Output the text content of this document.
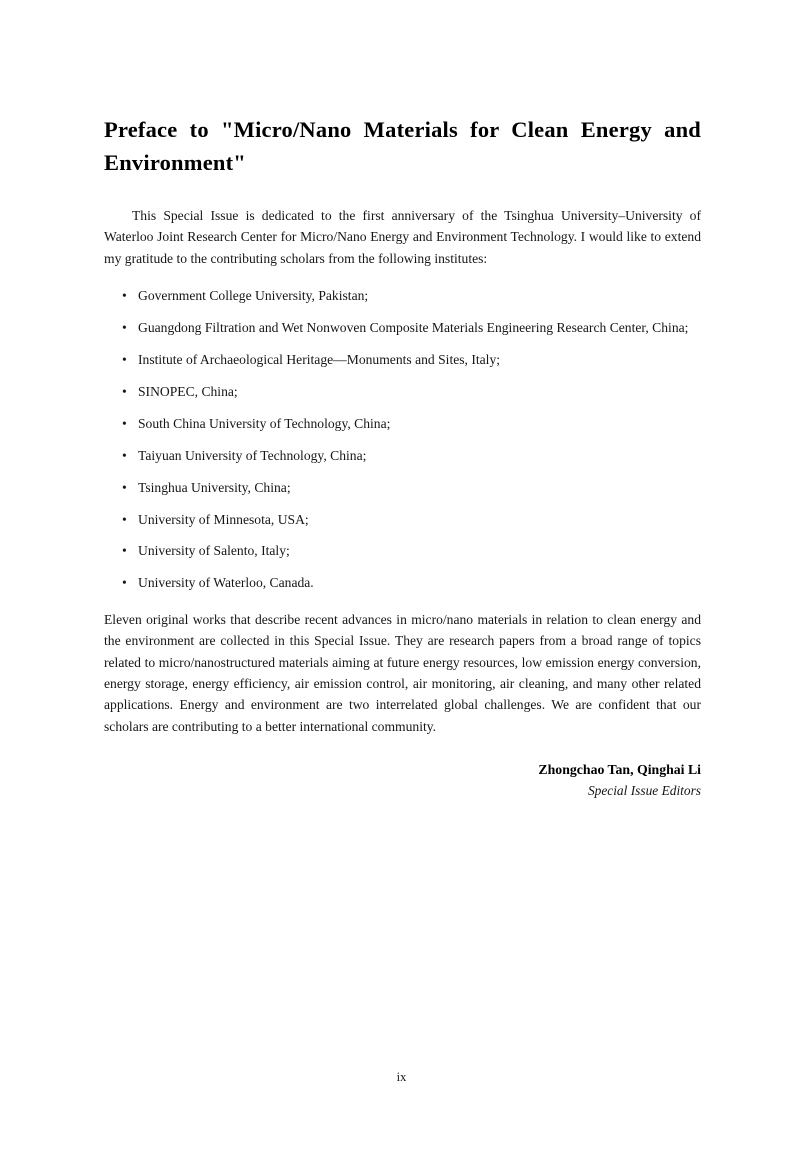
Preface to "Micro/Nano Materials for Clean Energy and Environment"

This Special Issue is dedicated to the first anniversary of the Tsinghua University–University of Waterloo Joint Research Center for Micro/Nano Energy and Environment Technology. I would like to extend my gratitude to the contributing scholars from the following institutes:

• Government College University, Pakistan;
• Guangdong Filtration and Wet Nonwoven Composite Materials Engineering Research Center, China;
• Institute of Archaeological Heritage—Monuments and Sites, Italy;
• SINOPEC, China;
• South China University of Technology, China;
• Taiyuan University of Technology, China;
• Tsinghua University, China;
• University of Minnesota, USA;
• University of Salento, Italy;
• University of Waterloo, Canada.

Eleven original works that describe recent advances in micro/nano materials in relation to clean energy and the environment are collected in this Special Issue. They are research papers from a broad range of topics related to micro/nanostructured materials aiming at future energy resources, low emission energy conversion, energy storage, energy efficiency, air emission control, air monitoring, air cleaning, and many other related applications. Energy and environment are two interrelated global challenges. We are confident that our scholars are contributing to a better international community.

Zhongchao Tan, Qinghai Li
Special Issue Editors
ix
